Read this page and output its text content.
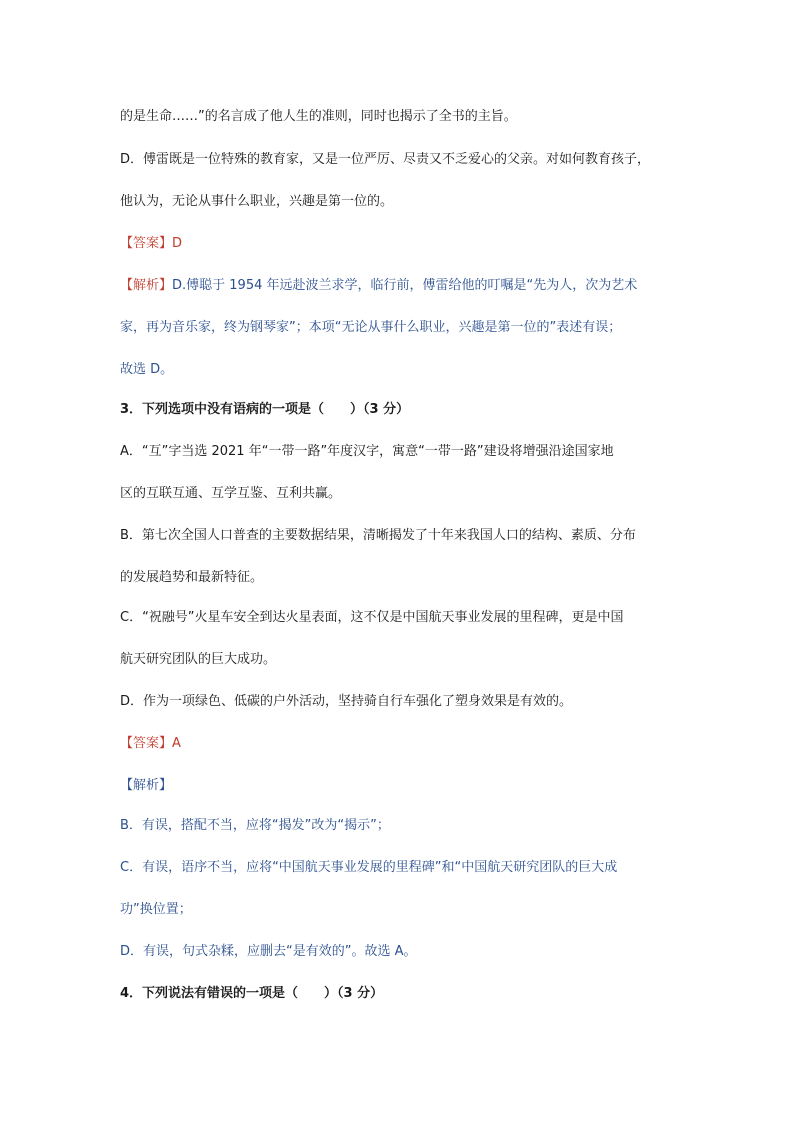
的是生命……”的名言成了他人生的准则，同时也揭示了全书的主旨。
D．傅雷既是一位特殊的教育家，又是一位严厉、尽责又不乏爱心的父亲。对如何教育孩子，
他认为，无论从事什么职业，兴趣是第一位的。
【答案】D
【解析】D.傅聪于 1954 年远赴波兰求学，临行前，傅雷给他的叮嘱是“先为人，次为艺术
家，再为音乐家，终为钢琴家”；本项“无论从事什么职业，兴趣是第一位的”表述有误；
故选 D。
3．下列选项中没有语病的一项是（　　）（3 分）
A．“互”字当选 2021 年“一带一路”年度汉字，寓意“一带一路”建设将增强沿途国家地
区的互联互通、互学互鉴、互利共赢。
B．第七次全国人口普查的主要数据结果，清晰揭发了十年来我国人口的结构、素质、分布
的发展趋势和最新特征。
C．“祝融号”火星车安全到达火星表面，这不仅是中国航天事业发展的里程碑，更是中国
航天研究团队的巨大成功。
D．作为一项绿色、低碳的户外活动，坚持骑自行车强化了塑身效果是有效的。
【答案】A
【解析】
B．有误，搭配不当，应将“揭发”改为“揭示”；
C．有误，语序不当，应将“中国航天事业发展的里程碑”和“中国航天研究团队的巨大成
功”换位置；
D．有误，句式杂糅，应删去“是有效的”。故选 A。
4．下列说法有错误的一项是（　　）（3 分）
